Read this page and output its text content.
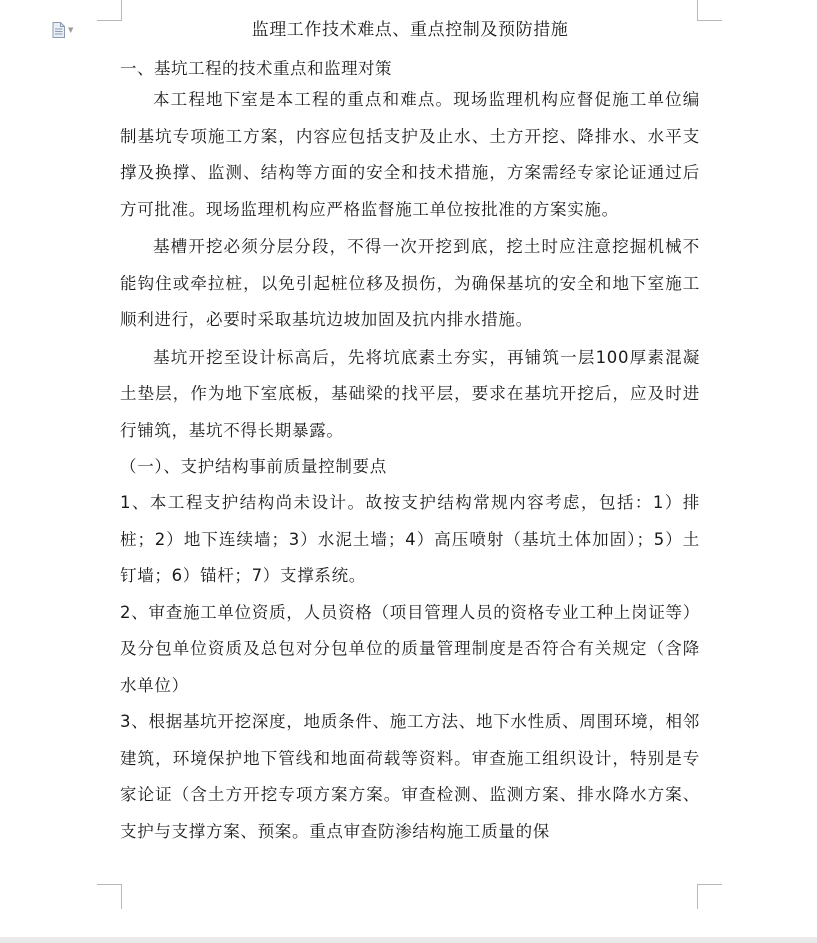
▼	监理工作技术难点、重点控制及预防措施

一、基坑工程的技术重点和监理对策

本工程地下室是本工程的重点和难点。现场监理机构应督促施工单位编制基坑专项施工方案，内容应包括支护及止水、土方开挖、降排水、水平支撑及换撑、监测、结构等方面的安全和技术措施，方案需经专家论证通过后方可批准。现场监理机构应严格监督施工单位按批准的方案实施。

基槽开挖必须分层分段，不得一次开挖到底，挖土时应注意挖掘机械不能钩住或牵拉桩，以免引起桩位移及损伤，为确保基坑的安全和地下室施工顺利进行，必要时采取基坑边坡加固及抗内排水措施。

基坑开挖至设计标高后，先将坑底素土夯实，再铺筑一层100厚素混凝土垫层，作为地下室底板，基础梁的找平层，要求在基坑开挖后，应及时进行铺筑，基坑不得长期暴露。

（一）、支护结构事前质量控制要点

1、本工程支护结构尚未设计。故按支护结构常规内容考虑，包括：1）排桩；2）地下连续墙；3）水泥土墙；4）高压喷射（基坑土体加固）；5）土钉墙；6）锚杆；7）支撑系统。

2、审查施工单位资质，人员资格（项目管理人员的资格专业工种上岗证等）及分包单位资质及总包对分包单位的质量管理制度是否符合有关规定（含降水单位）

3、根据基坑开挖深度，地质条件、施工方法、地下水性质、周围环境，相邻建筑，环境保护地下管线和地面荷载等资料。审查施工组织设计，特别是专家论证（含土方开挖专项方案方案。审查检测、监测方案、排水降水方案、支护与支撑方案、预案。重点审查防渗结构施工质量的保
